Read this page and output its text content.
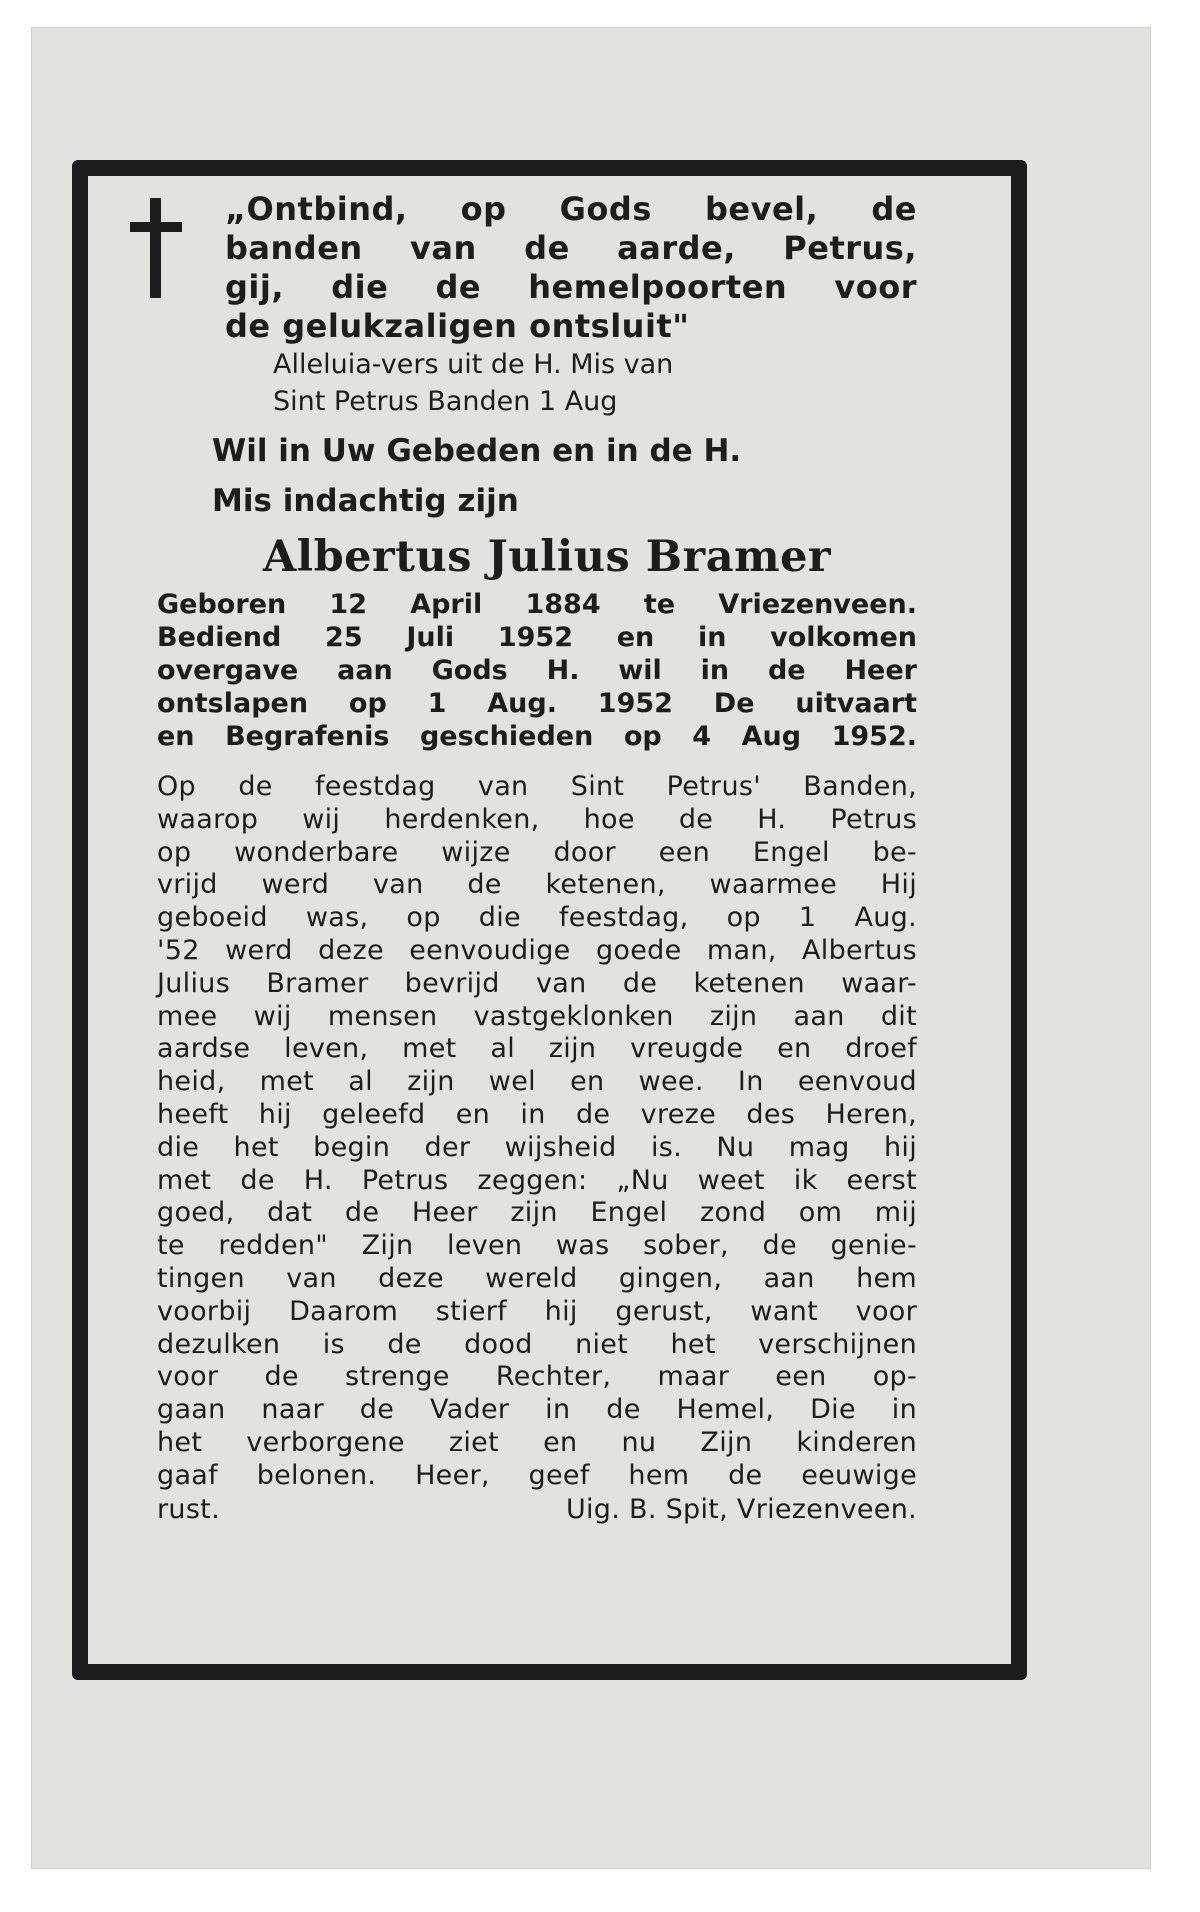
„Ontbind, op Gods bevel, de
banden van de aarde, Petrus,
gij, die de hemelpoorten voor
de gelukzaligen ontsluit"
Alleluia-vers uit de H. Mis van
Sint Petrus Banden 1 Aug
Wil in Uw Gebeden en in de H.
Mis indachtig zijn
Albertus Julius Bramer
Geboren 12 April 1884 te Vriezenveen.
Bediend 25 Juli 1952 en in volkomen
overgave aan Gods H. wil in de Heer
ontslapen op 1 Aug. 1952 De uitvaart
en Begrafenis geschieden op 4 Aug 1952.
Op de feestdag van Sint Petrus' Banden,
waarop wij herdenken, hoe de H. Petrus
op wonderbare wijze door een Engel be-
vrijd werd van de ketenen, waarmee Hij
geboeid was, op die feestdag, op 1 Aug.
'52 werd deze eenvoudige goede man, Albertus
Julius Bramer bevrijd van de ketenen waar-
mee wij mensen vastgeklonken zijn aan dit
aardse leven, met al zijn vreugde en droef
heid, met al zijn wel en wee. In eenvoud
heeft hij geleefd en in de vreze des Heren,
die het begin der wijsheid is. Nu mag hij
met de H. Petrus zeggen: „Nu weet ik eerst
goed, dat de Heer zijn Engel zond om mij
te redden" Zijn leven was sober, de genie-
tingen van deze wereld gingen, aan hem
voorbij Daarom stierf hij gerust, want voor
dezulken is de dood niet het verschijnen
voor de strenge Rechter, maar een op-
gaan naar de Vader in de Hemel, Die in
het verborgene ziet en nu Zijn kinderen
gaaf belonen. Heer, geef hem de eeuwige
rust.	Uig. B. Spit, Vriezenveen.
